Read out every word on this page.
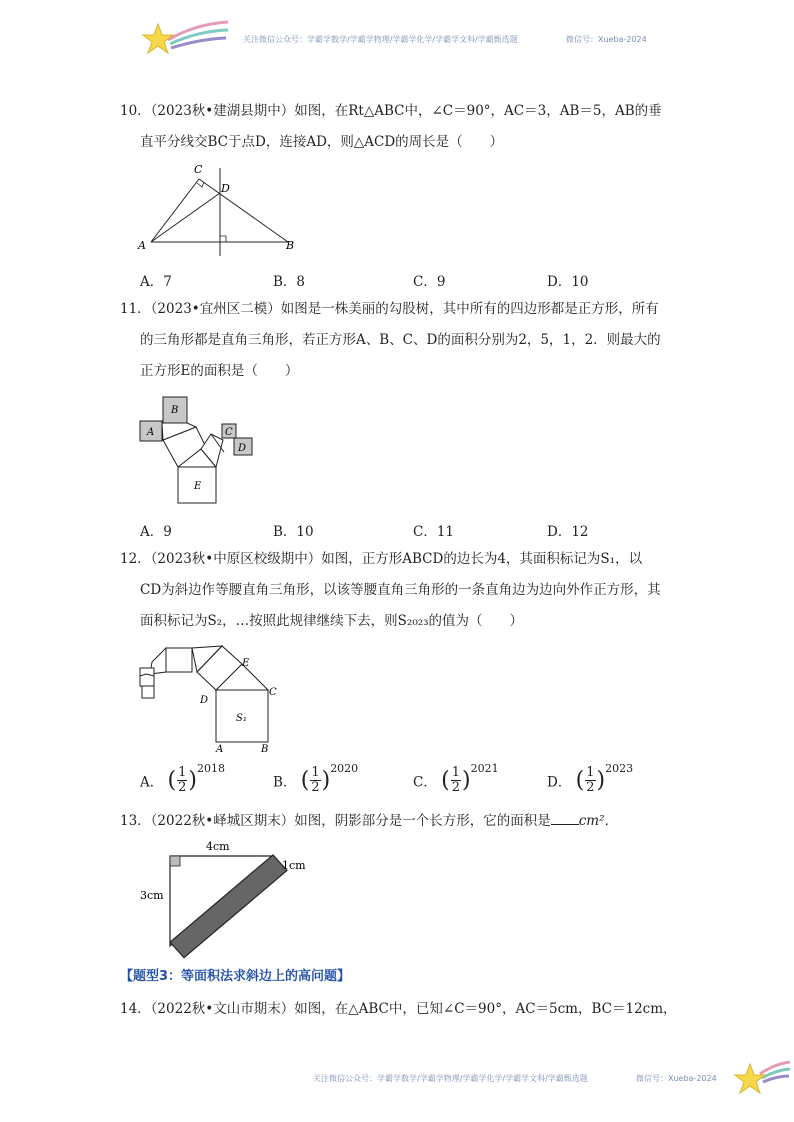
关注微信公众号：学霸学数学/学霸学物理/学霸学化学/学霸学文科/学霸甄选题	微信号：Xueba-2024
10．（2023秋•建湖县期中）如图，在Rt△ABC中，∠C＝90°，AC＝3，AB＝5，AB的垂
直平分线交BC于点D，连接AD，则△ACD的周长是（　　）
C
D
A	B
A．7	B．8	C．9	D．10
11．（2023•宜州区二模）如图是一株美丽的勾股树，其中所有的四边形都是正方形，所有
的三角形都是直角三角形，若正方形A、B、C、D的面积分别为2，5，1，2．则最大的
正方形E的面积是（　　）
B
A	C
D
E
A．9	B．10	C．11	D．12
12．（2023秋•中原区校级期中）如图，正方形ABCD的边长为4，其面积标记为S₁，以
CD为斜边作等腰直角三角形，以该等腰直角三角形的一条直角边为边向外作正方形，其
面积标记为S₂，…按照此规律继续下去，则S₂₀₂₃的值为（　　）
E
C
D
S₁
A	B
A． ( $\frac{1}{2} )^{2018}$
B． ( $\frac{1}{2} )^{2020}$
C． ( $\frac{1}{2} )^{2021}$
D． ( $\frac{1}{2} )^{2023}$
13．（2022秋•峄城区期末）如图，阴影部分是一个长方形，它的面积是 cm²．
4cm
3cm
1cm
【题型3：等面积法求斜边上的高问题】
14．（2022秋•文山市期末）如图，在△ABC中，已知∠C＝90°，AC＝5cm，BC＝12cm，
关注微信公众号：学霸学数学/学霸学物理/学霸学化学/学霸学文科/学霸甄选题	微信号：Xueba-2024
